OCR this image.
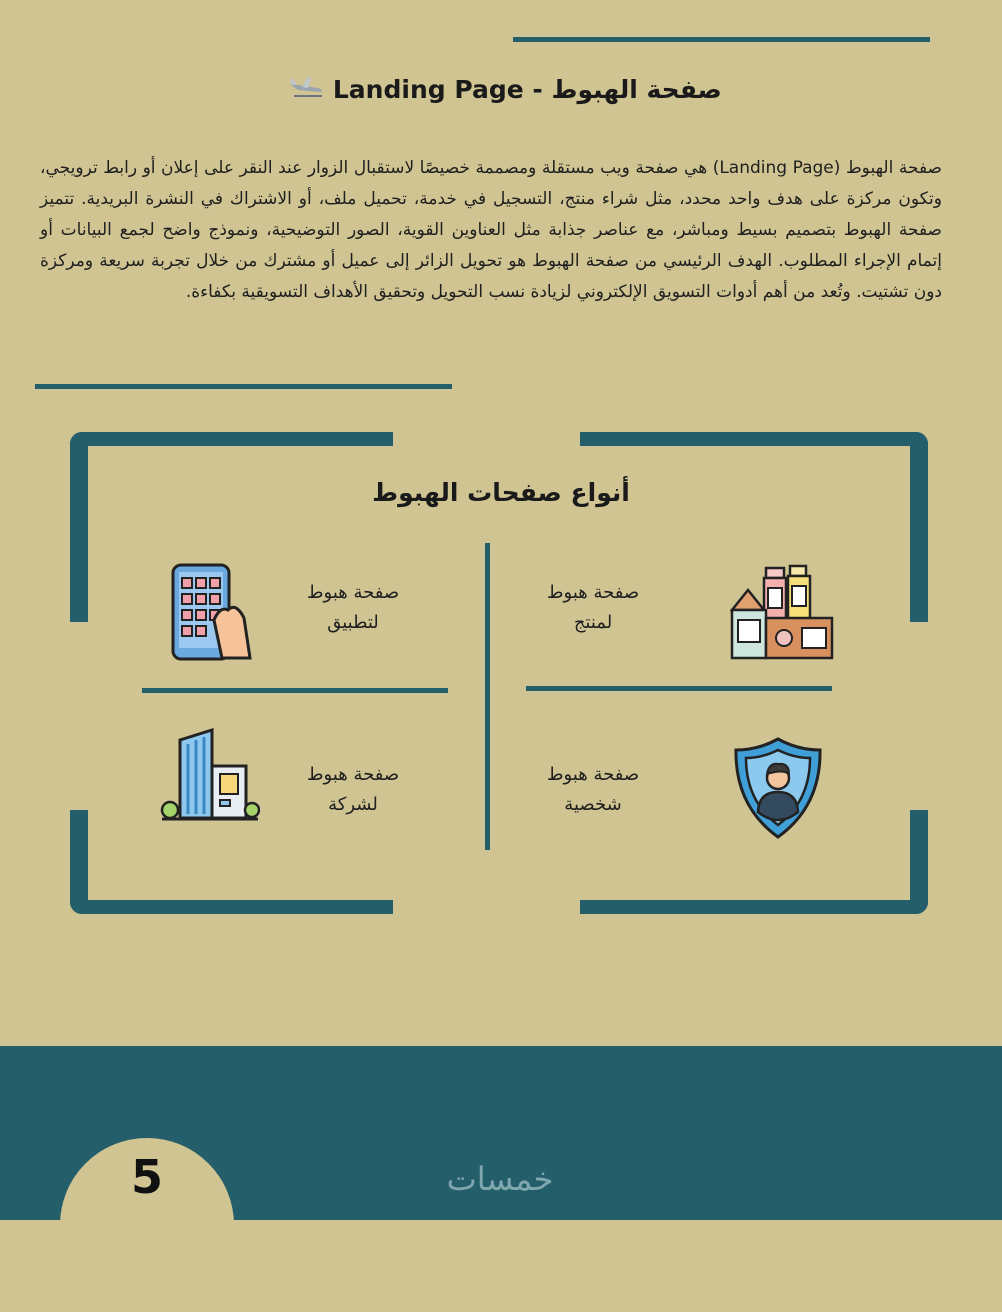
صفحة الهبوط - Landing Page
صفحة الهبوط (Landing Page) هي صفحة ويب مستقلة ومصممة خصيصًا لاستقبال الزوار عند النقر على إعلان أو رابط ترويجي، وتكون مركزة على هدف واحد محدد، مثل شراء منتج، التسجيل في خدمة، تحميل ملف، أو الاشتراك في النشرة البريدية. تتميز صفحة الهبوط بتصميم بسيط ومباشر، مع عناصر جذابة مثل العناوين القوية، الصور التوضيحية، ونموذج واضح لجمع البيانات أو إتمام الإجراء المطلوب. الهدف الرئيسي من صفحة الهبوط هو تحويل الزائر إلى عميل أو مشترك من خلال تجربة سريعة ومركزة دون تشتيت. وتُعد من أهم أدوات التسويق الإلكتروني لزيادة نسب التحويل وتحقيق الأهداف التسويقية بكفاءة.
أنواع صفحات الهبوط
صفحة هبوط
لمنتج
صفحة هبوط
لتطبيق
صفحة هبوط
شخصية
صفحة هبوط
لشركة
5	خمسات
